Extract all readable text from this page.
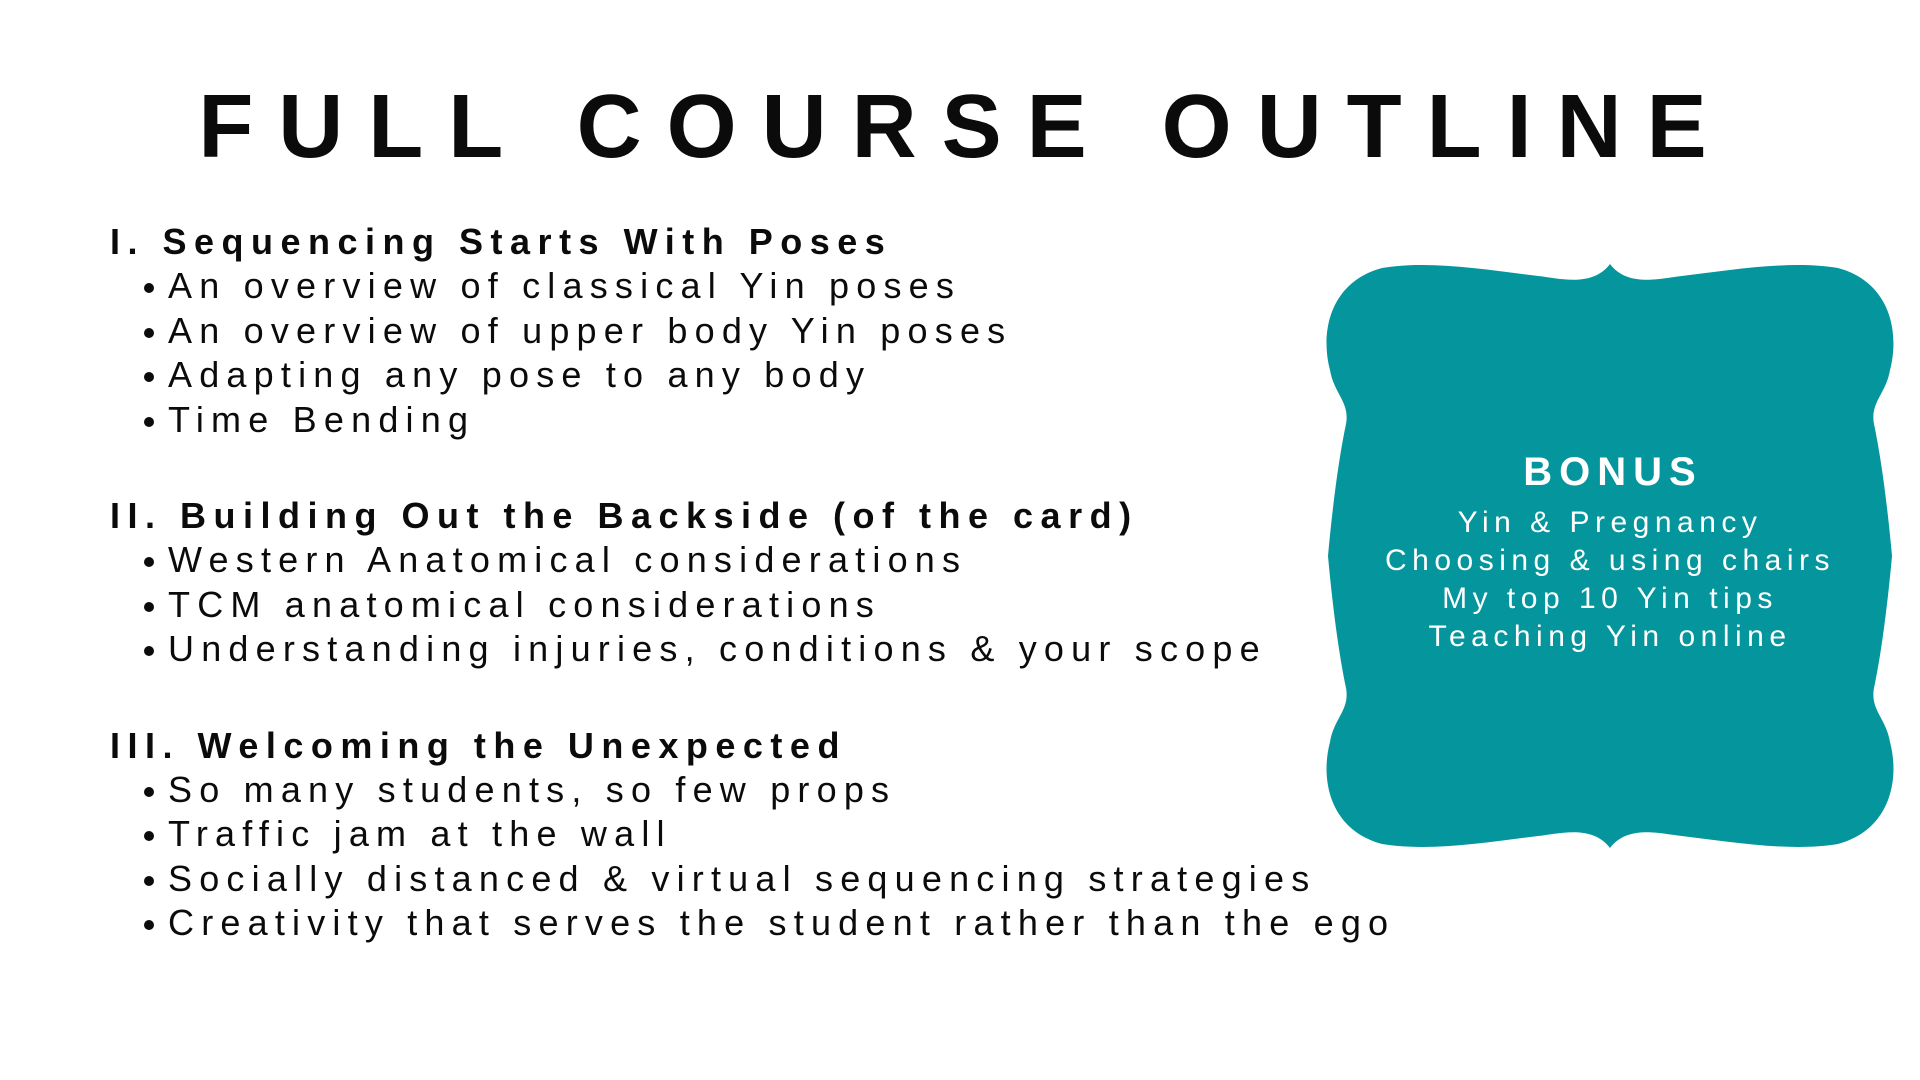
FULL COURSE OUTLINE
I. Sequencing Starts With Poses
An overview of classical Yin poses
An overview of upper body Yin poses
Adapting any pose to any body
Time Bending
II. Building Out the Backside (of the card)
Western Anatomical considerations
TCM anatomical considerations
Understanding injuries, conditions & your scope
III. Welcoming the Unexpected
So many students, so few props
Traffic jam at the wall
Socially distanced & virtual sequencing strategies
Creativity that serves the student rather than the ego
BONUS
Yin & Pregnancy
Choosing & using chairs
My top 10 Yin tips
Teaching Yin online
